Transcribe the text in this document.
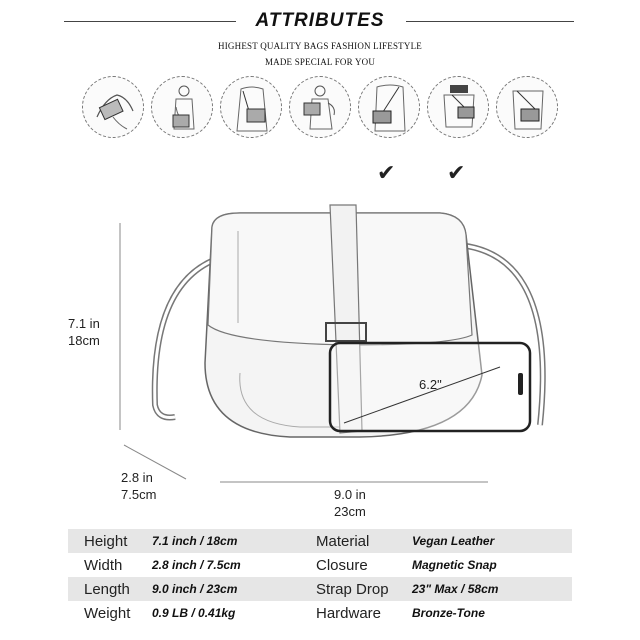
ATTRIBUTES
HIGHEST QUALITY BAGS FASHION LIFESTYLE
MADE SPECIAL FOR YOU
✔ ✔
7.1 in
18cm
2.8 in
7.5cm	9.0 in
23cm
6.2"
Height	7.1 inch / 18cm	Material	Vegan Leather
Width	2.8 inch / 7.5cm	Closure	Magnetic Snap
Length	9.0 inch / 23cm	Strap Drop	23" Max / 58cm
Weight	0.9 LB / 0.41kg	Hardware	Bronze-Tone
